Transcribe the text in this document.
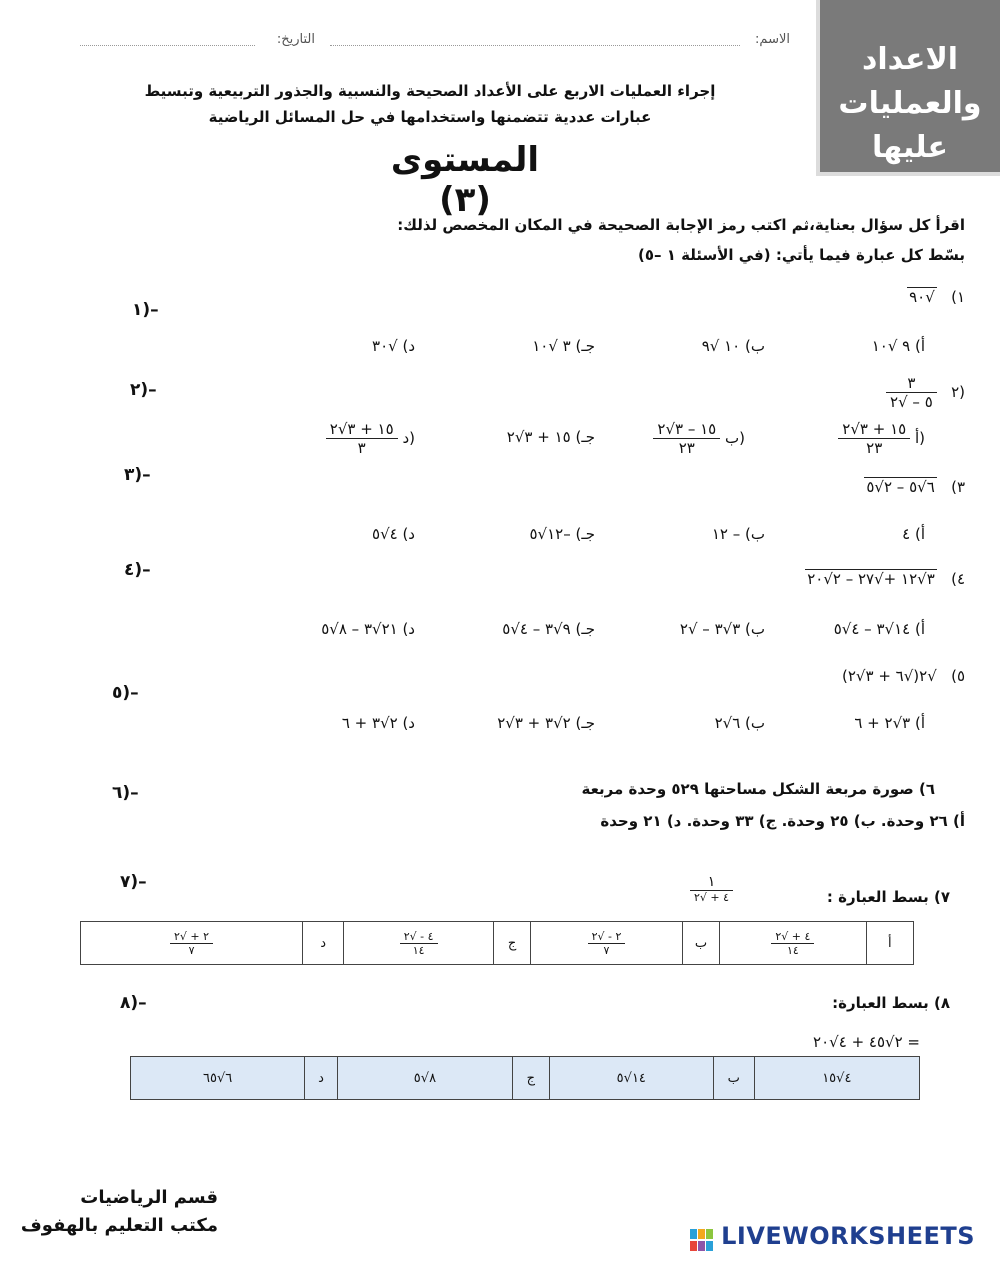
الاعداد
والعمليات
عليها
الاسم:
التاريخ:
إجراء العمليات الاربع على الأعداد الصحيحة والنسبية والجذور التربيعية وتبسيط
عبارات عددية تتضمنها واستخدامها في حل المسائل الرياضية
المستوى (٣)
اقرأ كل سؤال بعناية،ثم اكتب رمز الإجابة الصحيحة في المكان المخصص لذلك:
بسّط كل عبارة فيما يأتي: (في الأسئلة ١ –٥)
١)   √٩٠
١)–
أ) ٩ √١٠
ب) ١٠ √٩
جـ) ٣ √١٠
د) √٣٠
$\frac{٣}{٥ - √٢}$ ٢)
٢)–
$\frac{١٥ + ٣√٢}{٢٣}$ أ)
$\frac{١٥ - ٣√٢}{٢٣}$ ب)
جـ) ١٥ + ٣√٢
$\frac{١٥ + ٣√٢}{٣}$ د)
٣)   ٦√٥ – ٢√٥
٣)–
أ) ٤
ب) – ١٢
جـ) –١٢√٥
د) ٤√٥
٤)   ٣√١٢ +√٢٧ – ٢√٢٠
٤)–
أ) ١٤√٣ – ٤√٥
ب) ٣√٣ – √٢
جـ) ٩√٣ – ٤√٥
د) ٢١√٣ – ٨√٥
٥)   √٢(√٦ + ٣√٢)
٥)–
أ) ٣√٢ + ٦
ب) ٦√٢
جـ) ٢√٣ + ٣√٢
د) ٢√٣ + ٦
٦) صورة مربعة الشكل مساحتها ٥٢٩ وحدة مربعة
أ) ٢٦ وحدة. ب) ٢٥ وحدة. ج) ٣٣ وحدة. د) ٢١ وحدة
٦)–
٧)–
٧) بسط العبارة :
$\frac{١}{٤ + √٢}$
$\frac{٢ + √٢}{٧}$	د	$\frac{٤ - √٢}{١٤}$	ج	$\frac{٢ - √٢}{٧}$	ب	$\frac{٤ + √٢}{١٤}$	أ
٨)–	٨) بسط العبارة:
٢√٤٥ + ٤√٢٠ =
٦√٦٥	د	٨√٥	ج	١٤√٥	ب	٤√١٥
قسم الرياضيات
مكتب التعليم بالهفوف	LIVEWORKSHEETS
